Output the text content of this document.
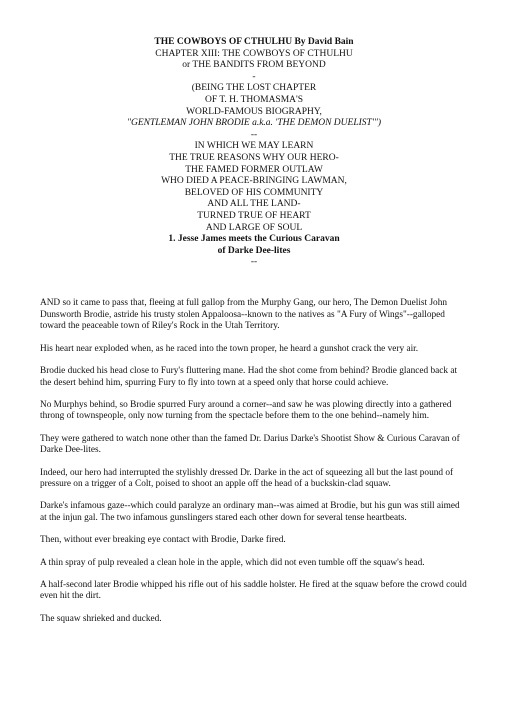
THE COWBOYS OF CTHULHU By David Bain
CHAPTER XIII: THE COWBOYS OF CTHULHU
or THE BANDITS FROM BEYOND
-
(BEING THE LOST CHAPTER
OF T. H. THOMASMA'S
WORLD-FAMOUS BIOGRAPHY,
"GENTLEMAN JOHN BRODIE a.k.a. 'THE DEMON DUELIST'")
--
IN WHICH WE MAY LEARN
THE TRUE REASONS WHY OUR HERO-
THE FAMED FORMER OUTLAW
WHO DIED A PEACE-BRINGING LAWMAN,
BELOVED OF HIS COMMUNITY
AND ALL THE LAND-
TURNED TRUE OF HEART
AND LARGE OF SOUL
1. Jesse James meets the Curious Caravan
of Darke Dee-lites
--

AND so it came to pass that, fleeing at full gallop from the Murphy Gang, our hero, The Demon Duelist John Dunsworth Brodie, astride his trusty stolen Appaloosa--known to the natives as "A Fury of Wings"--galloped toward the peaceable town of Riley's Rock in the Utah Territory.

His heart near exploded when, as he raced into the town proper, he heard a gunshot crack the very air.

Brodie ducked his head close to Fury's fluttering mane. Had the shot come from behind? Brodie glanced back at the desert behind him, spurring Fury to fly into town at a speed only that horse could achieve.

No Murphys behind, so Brodie spurred Fury around a corner--and saw he was plowing directly into a gathered throng of townspeople, only now turning from the spectacle before them to the one behind--namely him.

They were gathered to watch none other than the famed Dr. Darius Darke's Shootist Show & Curious Caravan of Darke Dee-lites.

Indeed, our hero had interrupted the stylishly dressed Dr. Darke in the act of squeezing all but the last pound of pressure on a trigger of a Colt, poised to shoot an apple off the head of a buckskin-clad squaw.

Darke's infamous gaze--which could paralyze an ordinary man--was aimed at Brodie, but his gun was still aimed at the injun gal. The two infamous gunslingers stared each other down for several tense heartbeats.

Then, without ever breaking eye contact with Brodie, Darke fired.

A thin spray of pulp revealed a clean hole in the apple, which did not even tumble off the squaw's head.

A half-second later Brodie whipped his rifle out of his saddle holster. He fired at the squaw before the crowd could even hit the dirt.

The squaw shrieked and ducked.
